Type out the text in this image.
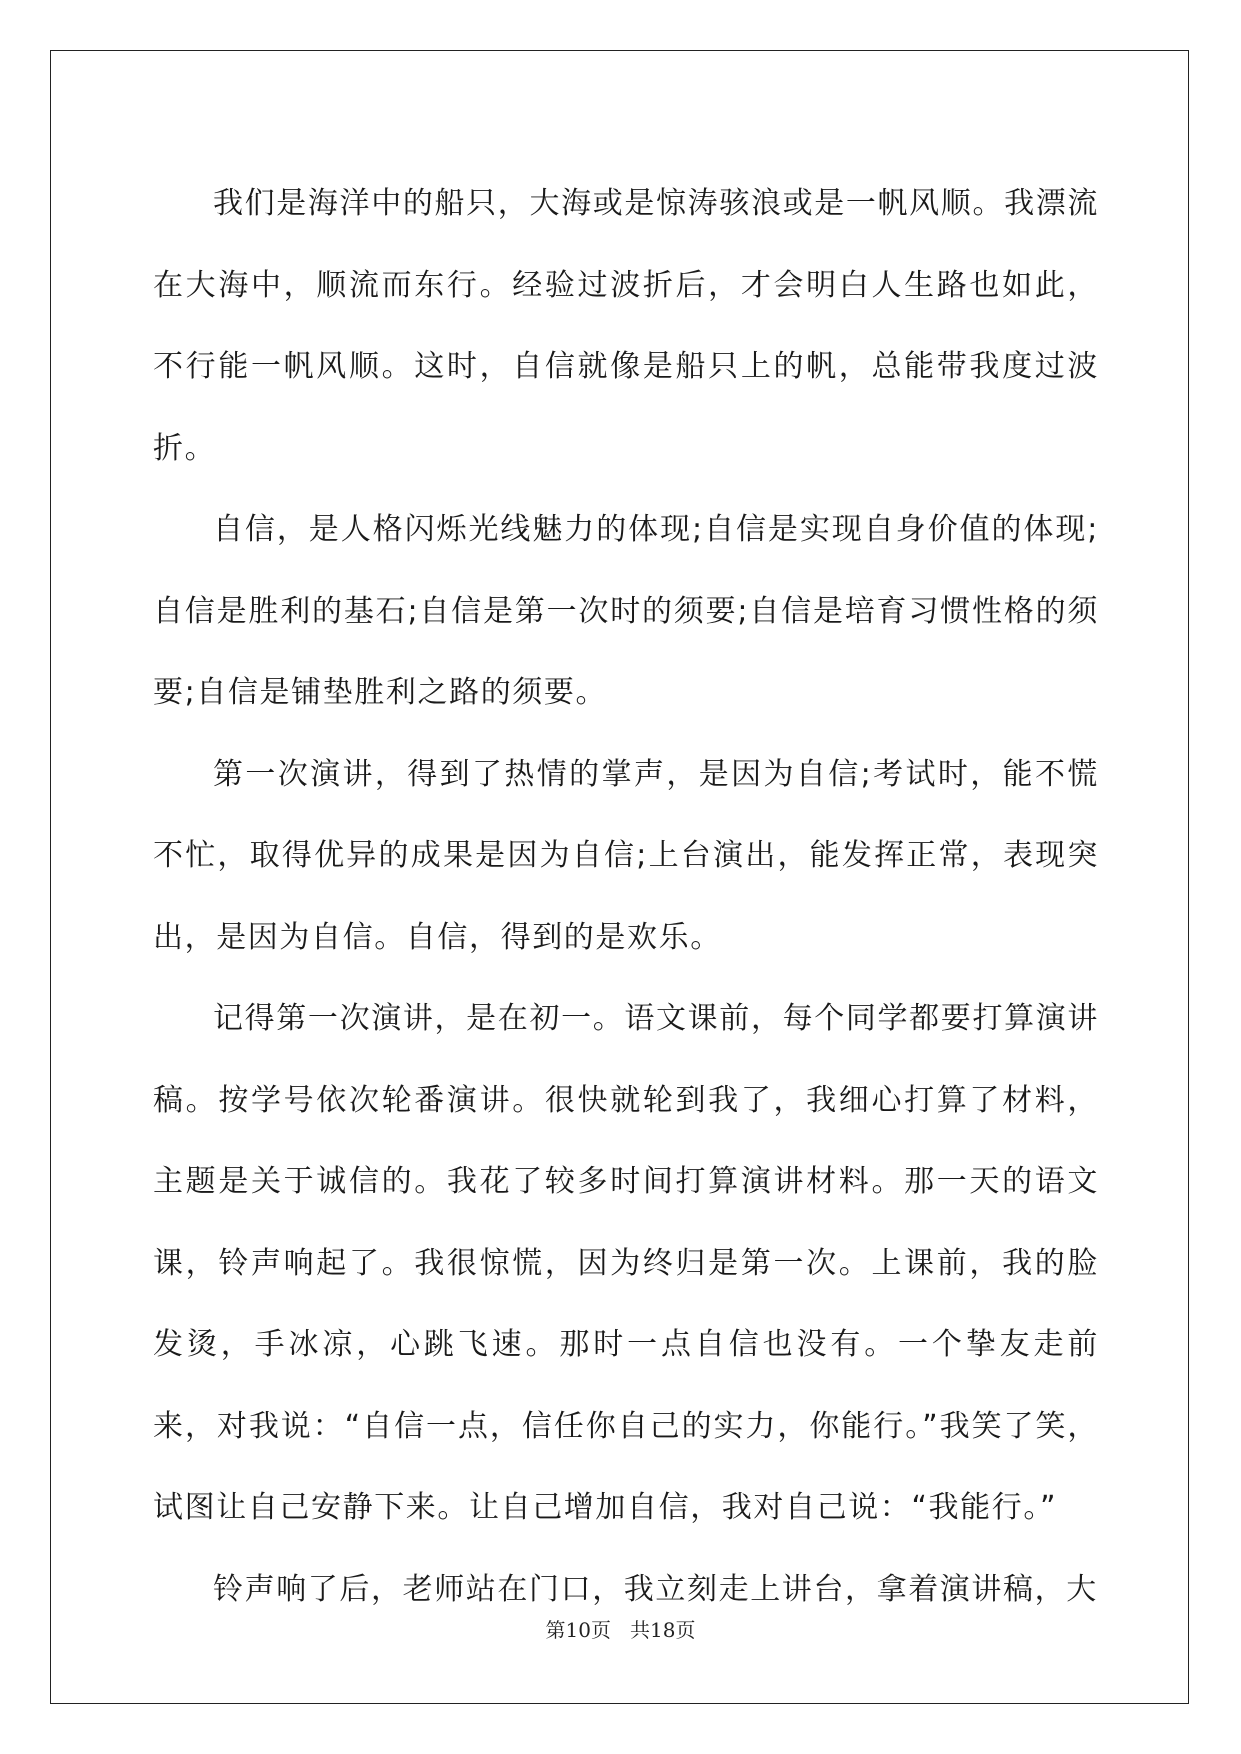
我们是海洋中的船只，大海或是惊涛骇浪或是一帆风顺。我漂流在大海中，顺流而东行。经验过波折后，才会明白人生路也如此，不行能一帆风顺。这时，自信就像是船只上的帆，总能带我度过波折。

自信，是人格闪烁光线魅力的体现;自信是实现自身价值的体现;自信是胜利的基石;自信是第一次时的须要;自信是培育习惯性格的须要;自信是铺垫胜利之路的须要。

第一次演讲，得到了热情的掌声，是因为自信;考试时，能不慌不忙，取得优异的成果是因为自信;上台演出，能发挥正常，表现突出，是因为自信。自信，得到的是欢乐。

记得第一次演讲，是在初一。语文课前，每个同学都要打算演讲稿。按学号依次轮番演讲。很快就轮到我了，我细心打算了材料，主题是关于诚信的。我花了较多时间打算演讲材料。那一天的语文课，铃声响起了。我很惊慌，因为终归是第一次。上课前，我的脸发烫，手冰凉，心跳飞速。那时一点自信也没有。一个挚友走前来，对我说：“自信一点，信任你自己的实力，你能行。”我笑了笑，试图让自己安静下来。让自己增加自信，我对自己说：“我能行。”

铃声响了后，老师站在门口，我立刻走上讲台，拿着演讲稿，大

第10页 共18页
